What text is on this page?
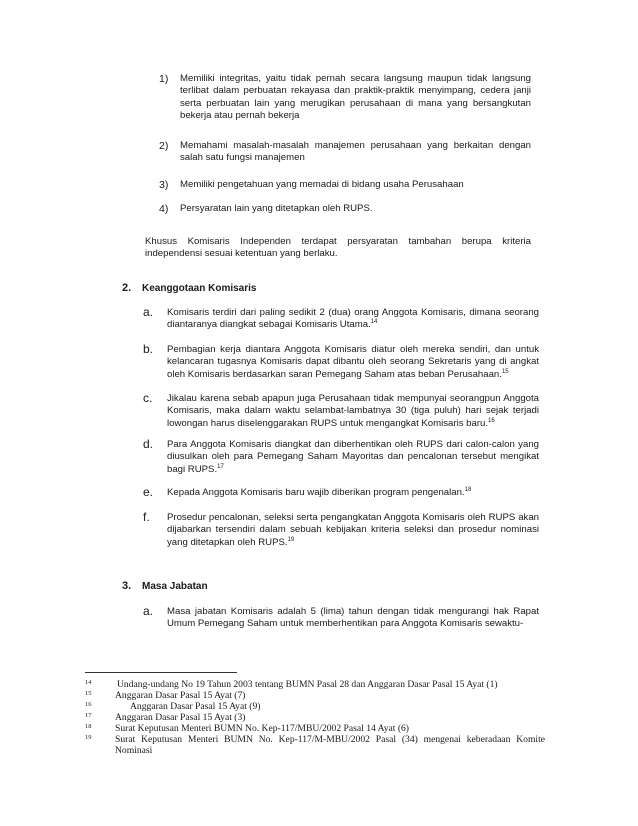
1) Memiliki integritas, yaitu tidak pernah secara langsung maupun tidak langsung terlibat dalam perbuatan rekayasa dan praktik-praktik menyimpang, cedera janji serta perbuatan lain yang merugikan perusahaan di mana yang bersangkutan bekerja atau pernah bekerja
2) Memahami masalah-masalah manajemen perusahaan yang berkaitan dengan salah satu fungsi manajemen
3) Memiliki pengetahuan yang memadai di bidang usaha Perusahaan
4) Persyaratan lain yang ditetapkan oleh RUPS.
Khusus Komisaris Independen terdapat persyaratan tambahan berupa kriteria independensi sesuai ketentuan yang berlaku.
2. Keanggotaan Komisaris
a. Komisaris terdiri dari paling sedikit 2 (dua) orang Anggota Komisaris, dimana seorang diantaranya diangkat sebagai Komisaris Utama.$^{14}$
b. Pembagian kerja diantara Anggota Komisaris diatur oleh mereka sendiri, dan untuk kelancaran tugasnya Komisaris dapat dibantu oleh seorang Sekretaris yang di angkat oleh Komisaris berdasarkan saran Pemegang Saham atas beban Perusahaan.$^{15}$
c. Jikalau karena sebab apapun juga Perusahaan tidak mempunyai seorangpun Anggota Komisaris, maka dalam waktu selambat-lambatnya 30 (tiga puluh) hari sejak terjadi lowongan harus diselenggarakan RUPS untuk mengangkat Komisaris baru.$^{16}$
d. Para Anggota Komisaris diangkat dan diberhentikan oleh RUPS dari calon-calon yang diusulkan oleh para Pemegang Saham Mayoritas dan pencalonan tersebut mengikat bagi RUPS.$^{17}$
e. Kepada Anggota Komisaris baru wajib diberikan program pengenalan.$^{18}$
f. Prosedur pencalonan, seleksi serta pengangkatan Anggota Komisaris oleh RUPS akan dijabarkan tersendiri dalam sebuah kebijakan kriteria seleksi dan prosedur nominasi yang ditetapkan oleh RUPS.$^{19}$
3. Masa Jabatan
a. Masa jabatan Komisaris adalah 5 (lima) tahun dengan tidak mengurangi hak Rapat Umum Pemegang Saham untuk memberhentikan para Anggota Komisaris sewaktu-
14	Undang-undang No 19 Tahun 2003 tentang BUMN Pasal 28 dan Anggaran Dasar Pasal 15 Ayat (1)
15 Anggaran Dasar Pasal 15 Ayat (7)
16	Anggaran Dasar Pasal 15 Ayat (9)
17 Anggaran Dasar Pasal 15 Ayat (3)
18 Surat Keputusan Menteri BUMN No. Kep-117/MBU/2002 Pasal 14 Ayat (6)
19 Surat Keputusan Menteri BUMN No. Kep-117/M-MBU/2002 Pasal (34) mengenai keberadaan Komite Nominasi
